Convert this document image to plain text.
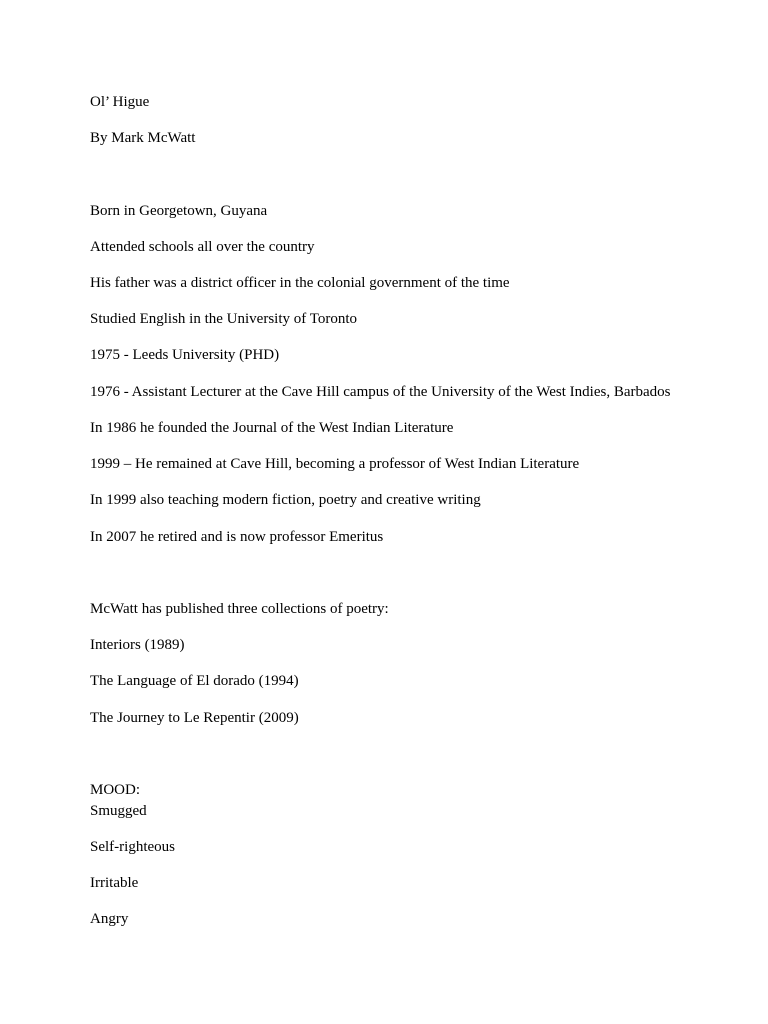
Ol’ Higue
By Mark McWatt
Born in Georgetown, Guyana
Attended schools all over the country
His father was a district officer in the colonial government of the time
Studied English in the University of Toronto
1975 - Leeds University (PHD)
1976 - Assistant Lecturer at the Cave Hill campus of the University of the West Indies, Barbados
In 1986 he founded the Journal of the West Indian Literature
1999 – He remained at Cave Hill, becoming a professor of West Indian Literature
In 1999 also teaching modern fiction, poetry and creative writing
In 2007 he retired and is now professor Emeritus
McWatt has published three collections of poetry:
Interiors (1989)
The Language of El dorado (1994)
The Journey to Le Repentir (2009)
MOOD:
Smugged
Self-righteous
Irritable
Angry
